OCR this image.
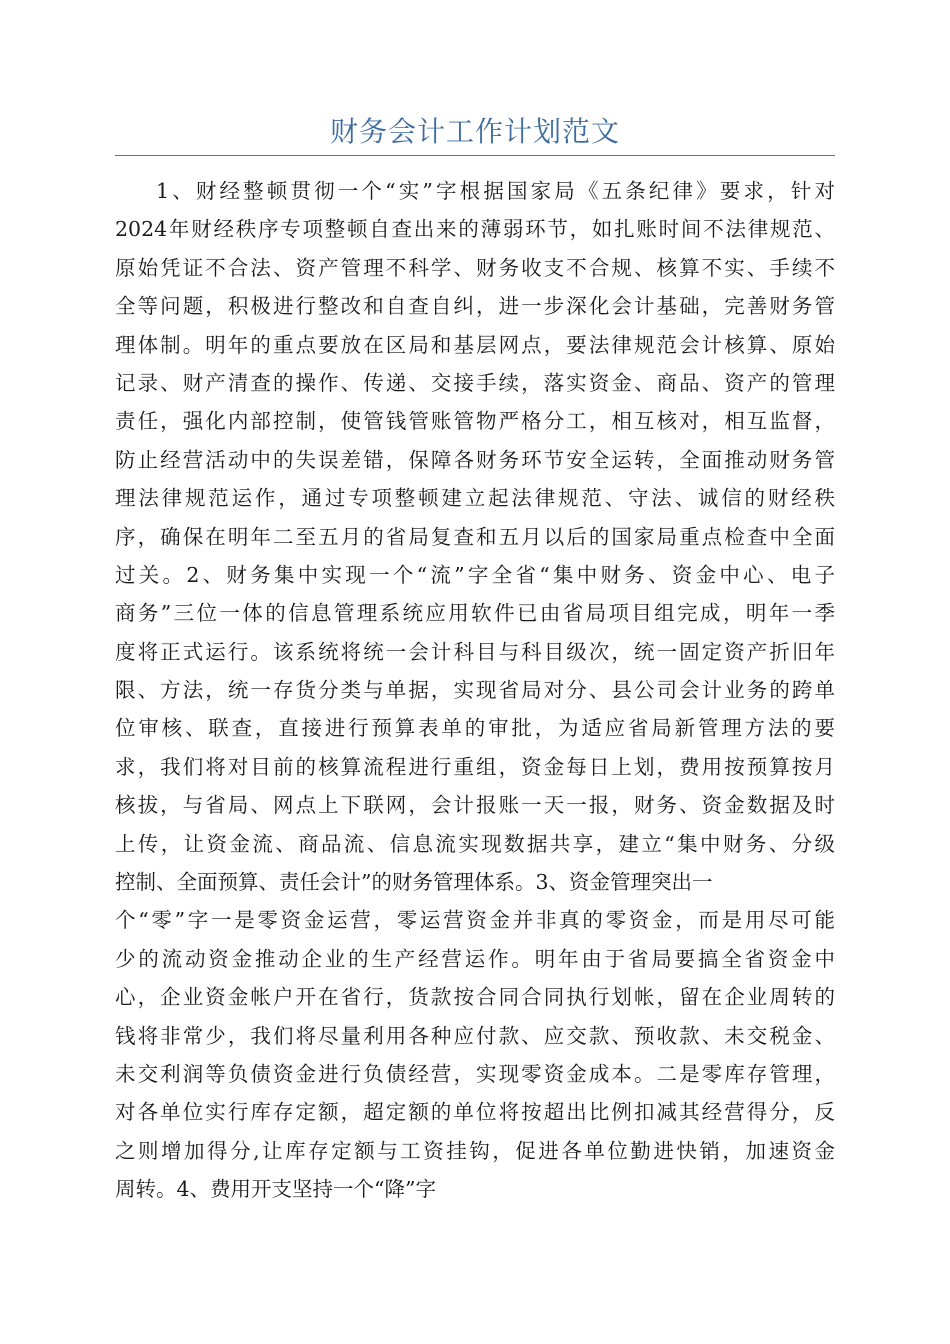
财务会计工作计划范文
1、财经整顿贯彻一个“实”字根据国家局《五条纪律》要求，针对
2024年财经秩序专项整顿自查出来的薄弱环节，如扎账时间不法律规范、
原始凭证不合法、资产管理不科学、财务收支不合规、核算不实、手续不
全等问题，积极进行整改和自查自纠，进一步深化会计基础，完善财务管
理体制。明年的重点要放在区局和基层网点，要法律规范会计核算、原始
记录、财产清查的操作、传递、交接手续，落实资金、商品、资产的管理
责任，强化内部控制，使管钱管账管物严格分工，相互核对，相互监督，
防止经营活动中的失误差错，保障各财务环节安全运转，全面推动财务管
理法律规范运作，通过专项整顿建立起法律规范、守法、诚信的财经秩
序，确保在明年二至五月的省局复查和五月以后的国家局重点检查中全面
过关。2、财务集中实现一个“流”字全省“集中财务、资金中心、电子
商务”三位一体的信息管理系统应用软件已由省局项目组完成，明年一季
度将正式运行。该系统将统一会计科目与科目级次，统一固定资产折旧年
限、方法，统一存货分类与单据，实现省局对分、县公司会计业务的跨单
位审核、联查，直接进行预算表单的审批，为适应省局新管理方法的要
求，我们将对目前的核算流程进行重组，资金每日上划，费用按预算按月
核拔，与省局、网点上下联网，会计报账一天一报，财务、资金数据及时
上传，让资金流、商品流、信息流实现数据共享，建立“集中财务、分级
控制、全面预算、责任会计”的财务管理体系。3、资金管理突出一
个“零”字一是零资金运营，零运营资金并非真的零资金，而是用尽可能
少的流动资金推动企业的生产经营运作。明年由于省局要搞全省资金中
心，企业资金帐户开在省行，货款按合同合同执行划帐，留在企业周转的
钱将非常少，我们将尽量利用各种应付款、应交款、预收款、未交税金、
未交利润等负债资金进行负债经营，实现零资金成本。二是零库存管理，
对各单位实行库存定额，超定额的单位将按超出比例扣减其经营得分，反
之则增加得分,让库存定额与工资挂钩，促进各单位勤进快销，加速资金
周转。4、费用开支坚持一个“降”字
